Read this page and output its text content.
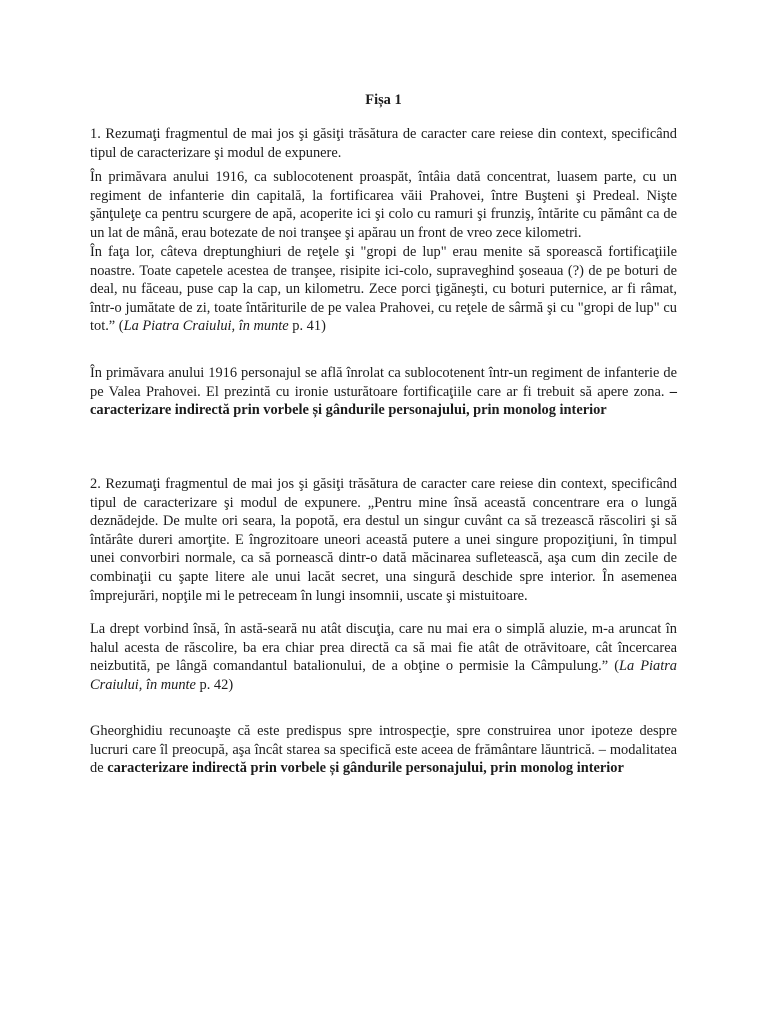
Fișa 1

1. Rezumaţi fragmentul de mai jos şi găsiţi trăsătura de caracter care reiese din context, specificând tipul de caracterizare şi modul de expunere.

În primăvara anului 1916, ca sublocotenent proaspăt, întâia dată concentrat, luasem parte, cu un regiment de infanterie din capitală, la fortificarea văii Prahovei, între Buşteni şi Predeal. Nişte şănţuleţe ca pentru scurgere de apă, acoperite ici şi colo cu ramuri şi frunziş, întărite cu pământ ca de un lat de mână, erau botezate de noi tranşee şi apărau un front de vreo zece kilometri.

În faţa lor, câteva dreptunghiuri de reţele şi "gropi de lup" erau menite să sporească fortificaţiile noastre. Toate capetele acestea de tranşee, risipite ici-colo, supraveghind şoseaua (?) de pe boturi de deal, nu făceau, puse cap la cap, un kilometru. Zece porci ţigăneşti, cu boturi puternice, ar fi râmat, într-o jumătate de zi, toate întăriturile de pe valea Prahovei, cu reţele de sârmă şi cu "gropi de lup" cu tot.” (La Piatra Craiului, în munte p. 41)

În primăvara anului 1916 personajul se află înrolat ca sublocotenent într-un regiment de infanterie de pe Valea Prahovei. El prezintă cu ironie usturătoare fortificaţiile care ar fi trebuit să apere zona. – caracterizare indirectă prin vorbele și gândurile personajului, prin monolog interior

2. Rezumaţi fragmentul de mai jos şi găsiţi trăsătura de caracter care reiese din context, specificând tipul de caracterizare şi modul de expunere. „Pentru mine însă această concentrare era o lungă deznădejde. De multe ori seara, la popotă, era destul un singur cuvânt ca să trezească răscoliri şi să întărâte dureri amorţite. E îngrozitoare uneori această putere a unei singure propoziţiuni, în timpul unei convorbiri normale, ca să pornească dintr-o dată măcinarea sufletească, aşa cum din zecile de combinaţii cu şapte litere ale unui lacăt secret, una singură deschide spre interior. În asemenea împrejurări, nopţile mi le petreceam în lungi insomnii, uscate şi mistuitoare.

La drept vorbind însă, în astă-seară nu atât discuţia, care nu mai era o simplă aluzie, m-a aruncat în halul acesta de răscolire, ba era chiar prea directă ca să mai fie atât de otrăvitoare, cât încercarea neizbutită, pe lângă comandantul batalionului, de a obţine o permisie la Câmpulung.” (La Piatra Craiului, în munte p. 42)

Gheorghidiu recunoaşte că este predispus spre introspecţie, spre construirea unor ipoteze despre lucruri care îl preocupă, aşa încât starea sa specifică este aceea de frământare lăuntrică. – modalitatea de caracterizare indirectă prin vorbele și gândurile personajului, prin monolog interior
